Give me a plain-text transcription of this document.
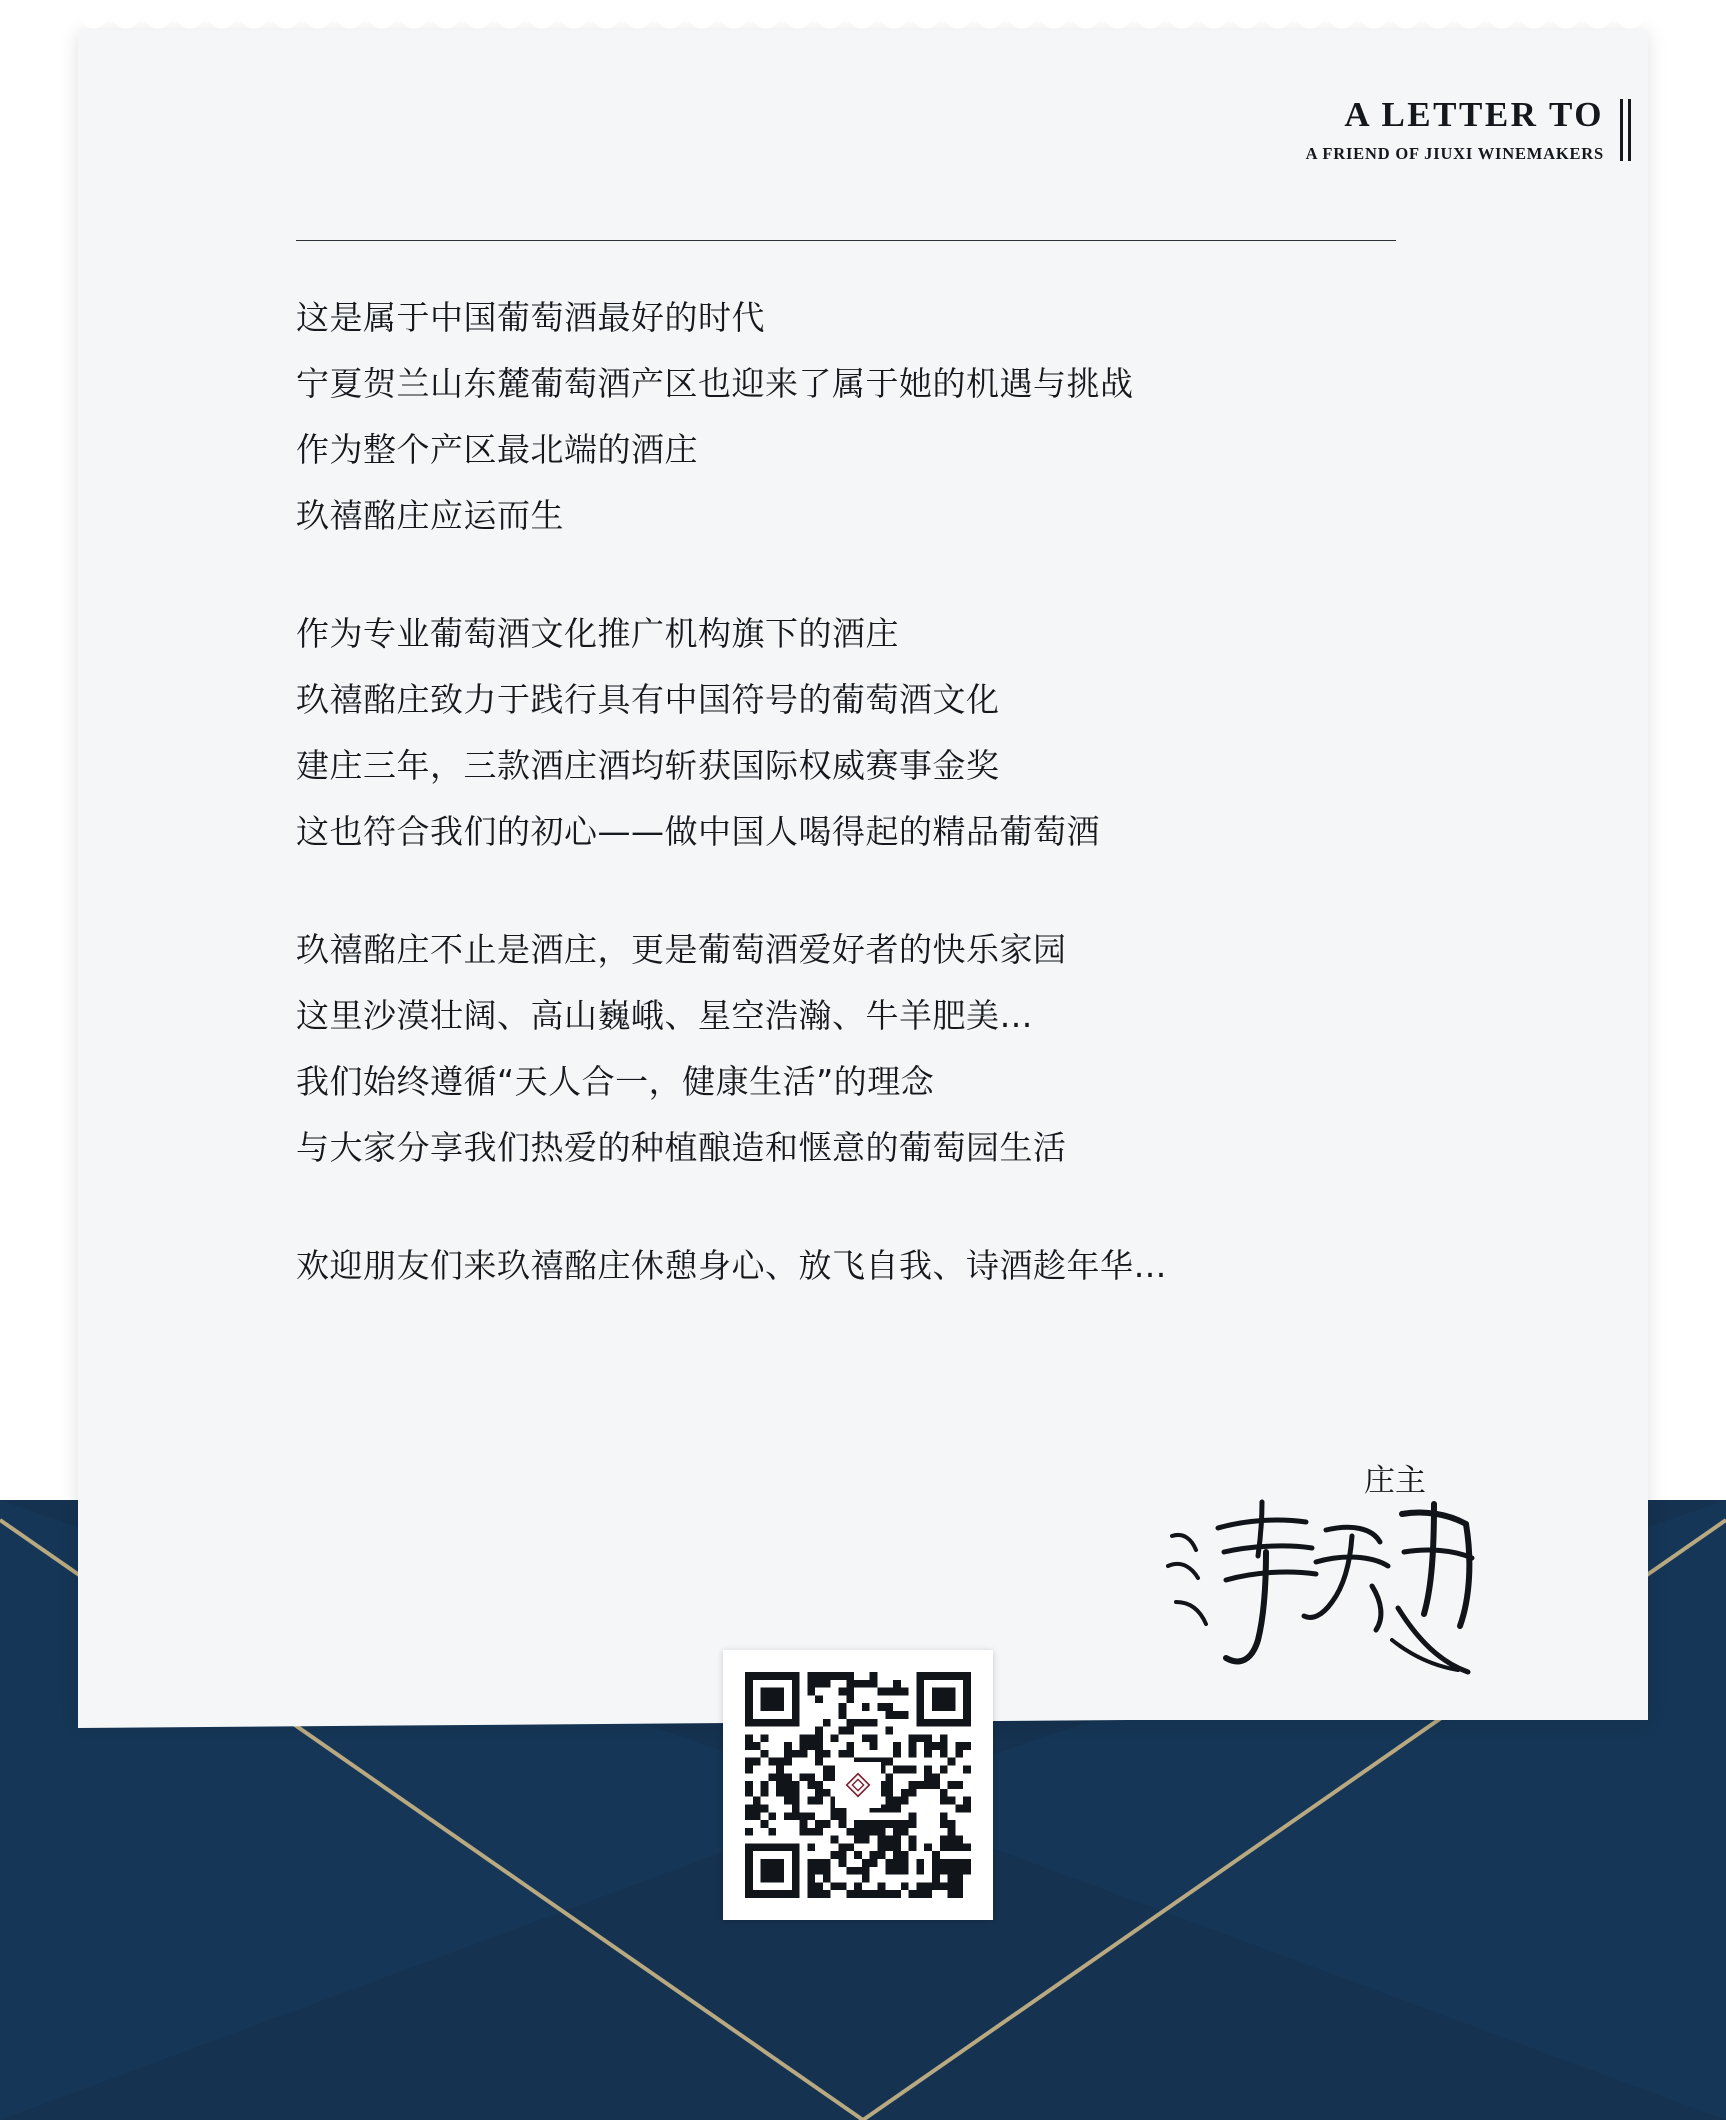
A LETTER TO
A FRIEND OF JIUXI WINEMAKERS

这是属于中国葡萄酒最好的时代
宁夏贺兰山东麓葡萄酒产区也迎来了属于她的机遇与挑战
作为整个产区最北端的酒庄
玖禧酩庄应运而生

作为专业葡萄酒文化推广机构旗下的酒庄
玖禧酩庄致力于践行具有中国符号的葡萄酒文化
建庄三年，三款酒庄酒均斩获国际权威赛事金奖
这也符合我们的初心——做中国人喝得起的精品葡萄酒

玖禧酩庄不止是酒庄，更是葡萄酒爱好者的快乐家园
这里沙漠壮阔、高山巍峨、星空浩瀚、牛羊肥美…
我们始终遵循“天人合一，健康生活”的理念
与大家分享我们热爱的种植酿造和惬意的葡萄园生活

欢迎朋友们来玖禧酩庄休憩身心、放飞自我、诗酒趁年华…

庄主
